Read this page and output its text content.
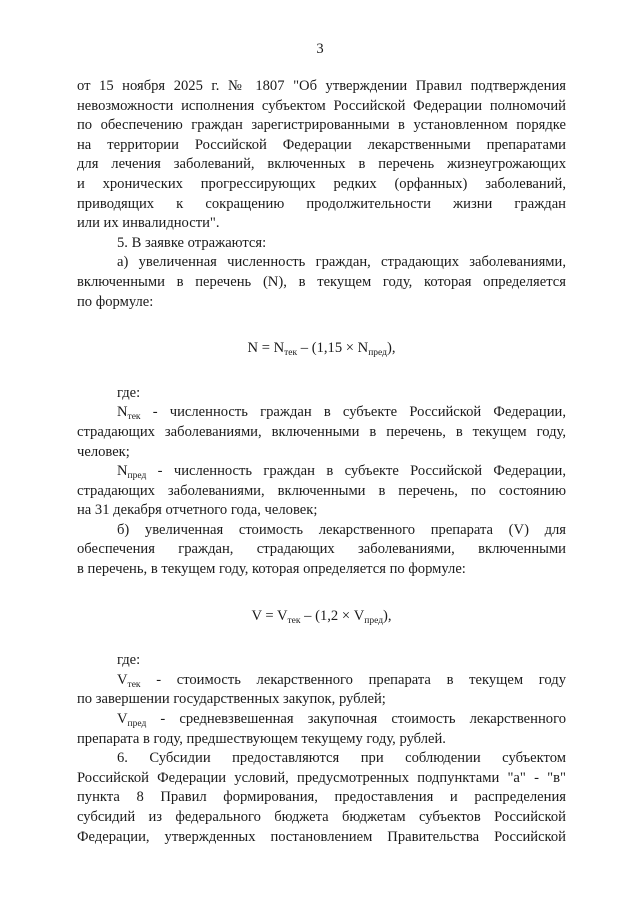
3

от 15 ноября 2025 г. № 1807 "Об утверждении Правил подтверждения

невозможности исполнения субъектом Российской Федерации полномочий

по обеспечению граждан зарегистрированными в установленном порядке

на территории Российской Федерации лекарственными препаратами

для лечения заболеваний, включенных в перечень жизнеугрожающих

и хронических прогрессирующих редких (орфанных) заболеваний,

приводящих к сокращению продолжительности жизни граждан

или их инвалидности".

5. В заявке отражаются:

а) увеличенная численность граждан, страдающих заболеваниями,

включенными в перечень (N), в текущем году, которая определяется

по формуле:

$N = N_{тек} - (1,15 \times N_{пред})$,

где:

$N_{тек}$ - численность граждан в субъекте Российской Федерации,

страдающих заболеваниями, включенными в перечень, в текущем году,

человек;

$N_{пред}$ - численность граждан в субъекте Российской Федерации,

страдающих заболеваниями, включенными в перечень, по состоянию

на 31 декабря отчетного года, человек;

б) увеличенная стоимость лекарственного препарата (V) для

обеспечения граждан, страдающих заболеваниями, включенными

в перечень, в текущем году, которая определяется по формуле:

$V = V_{тек} - (1,2 \times V_{пред})$,

где:

$V_{тек}$ - стоимость лекарственного препарата в текущем году

по завершении государственных закупок, рублей;

$V_{пред}$ - средневзвешенная закупочная стоимость лекарственного

препарата в году, предшествующем текущему году, рублей.

6. Субсидии предоставляются при соблюдении субъектом

Российской Федерации условий, предусмотренных подпунктами "а" - "в"

пункта 8 Правил формирования, предоставления и распределения

субсидий из федерального бюджета бюджетам субъектов Российской

Федерации, утвержденных постановлением Правительства Российской
